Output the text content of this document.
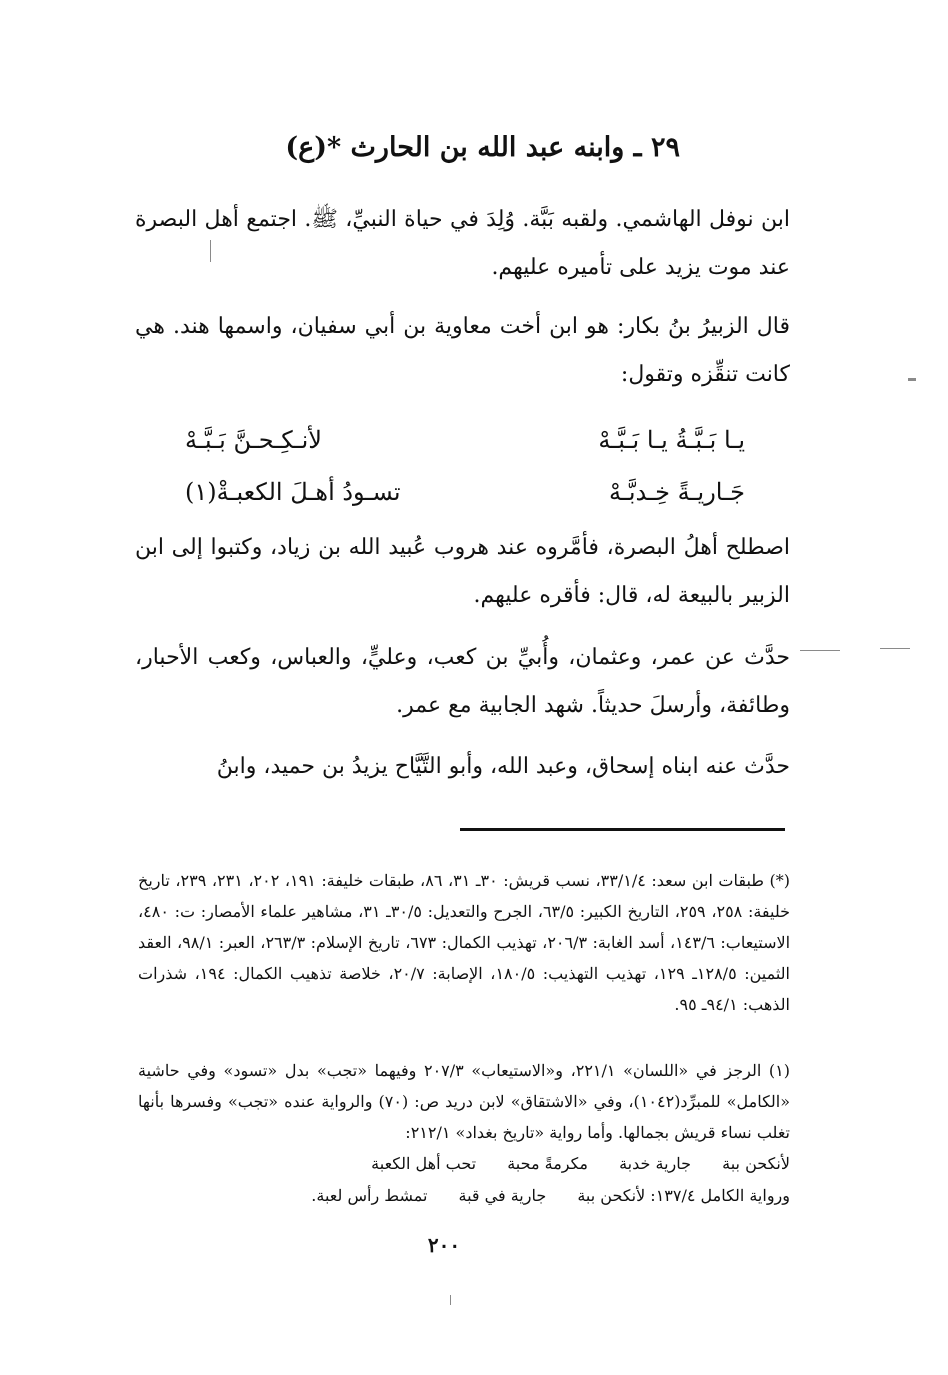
٢٩ ـ وابنه عبد الله بن الحارث *(ع)
ابن نوفل الهاشمي. ولقبه بَبَّة. وُلِدَ في حياة النبيِّ، ﷺ. اجتمع أهل البصرة عند موت يزيد على تأميره عليهم.
قال الزبيرُ بنُ بكار: هو ابن أخت معاوية بن أبي سفيان، واسمها هند. هي كانت تنقِّزه وتقول:
يـا بَـبَّـةُ يـا بَـبَّـهْ
لأنـكِـحـنَّ بَـبَّـهْ
جَـاريـةً خِـدبَّـهْ
تسـودُ أهـلَ الكعبـةْ(١)
اصطلح أهلُ البصرة، فأمَّروه عند هروب عُبيد الله بن زياد، وكتبوا إلى ابن الزبير بالبيعة له، قال: فأقره عليهم.
حدَّث عن عمر، وعثمان، وأُبيِّ بن كعب، وعليٍّ، والعباس، وكعب الأحبار، وطائفة، وأرسلَ حديثاً. شهد الجابية مع عمر.
حدَّث عنه ابناه إسحاق، وعبد الله، وأبو التَّيَّاح يزيدُ بن حميد، وابنُ
(*) طبقات ابن سعد: ٣٣/١/٤، نسب قريش: ٣٠ـ ٣١، ٨٦، طبقات خليفة: ١٩١، ٢٠٢، ٢٣١، ٢٣٩، تاريخ خليفة: ٢٥٨، ٢٥٩، التاريخ الكبير: ٦٣/٥، الجرح والتعديل: ٣٠/٥ـ ٣١، مشاهير علماء الأمصار: ت: ٤٨٠، الاستيعاب: ١٤٣/٦، أسد الغابة: ٢٠٦/٣، تهذيب الكمال: ٦٧٣، تاريخ الإسلام: ٢٦٣/٣، العبر: ٩٨/١، العقد الثمين: ١٢٨/٥ـ ١٢٩، تهذيب التهذيب: ١٨٠/٥، الإصابة: ٢٠/٧، خلاصة تذهيب الكمال: ١٩٤، شذرات الذهب: ٩٤/١ـ ٩٥.
(١) الرجز في «اللسان» ٢٢١/١، و«الاستيعاب» ٢٠٧/٣ وفيهما «تجب» بدل «تسود» وفي حاشية «الكامل» للمبرِّد(١٠٤٢)، وفي «الاشتقاق» لابن دريد ص: (٧٠) والرواية عنده «تجب» وفسرها بأنها تغلب نساء قريش بجمالها. وأما رواية «تاريخ بغداد» ٢١٢/١:
لأنكحن ببة جارية خدبة مكرمةً محبة تحب أهل الكعبة
ورواية الكامل ١٣٧/٤: لأنكحن ببة جارية في قبة تمشط رأس لعبة.
٢٠٠
